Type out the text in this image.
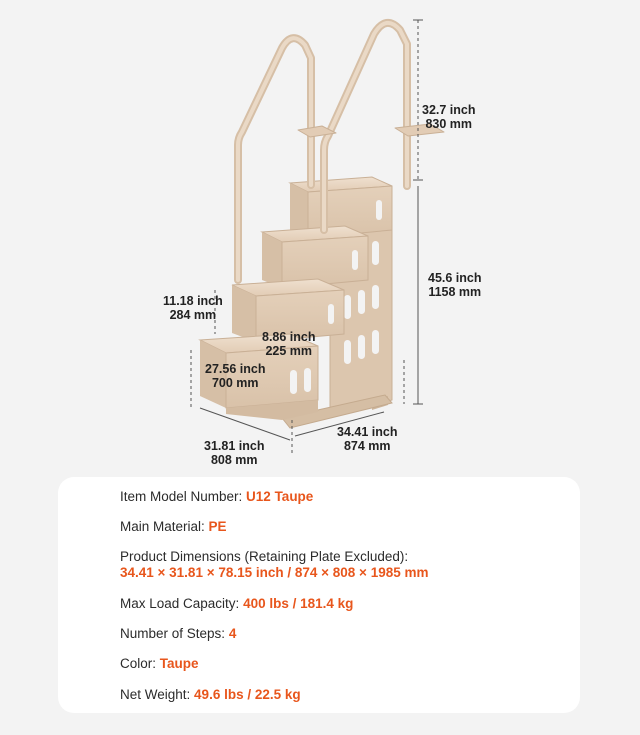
32.7 inch
830 mm
45.6 inch
1158 mm
11.18 inch
284 mm
8.86 inch
225 mm
27.56 inch
700 mm
31.81 inch
808 mm
34.41 inch
874 mm
Item Model Number: U12 Taupe
Main Material: PE
Product Dimensions (Retaining Plate Excluded):
34.41 × 31.81 × 78.15 inch / 874 × 808 × 1985 mm
Max Load Capacity: 400 lbs / 181.4 kg
Number of Steps: 4
Color: Taupe
Net Weight: 49.6 lbs / 22.5 kg
